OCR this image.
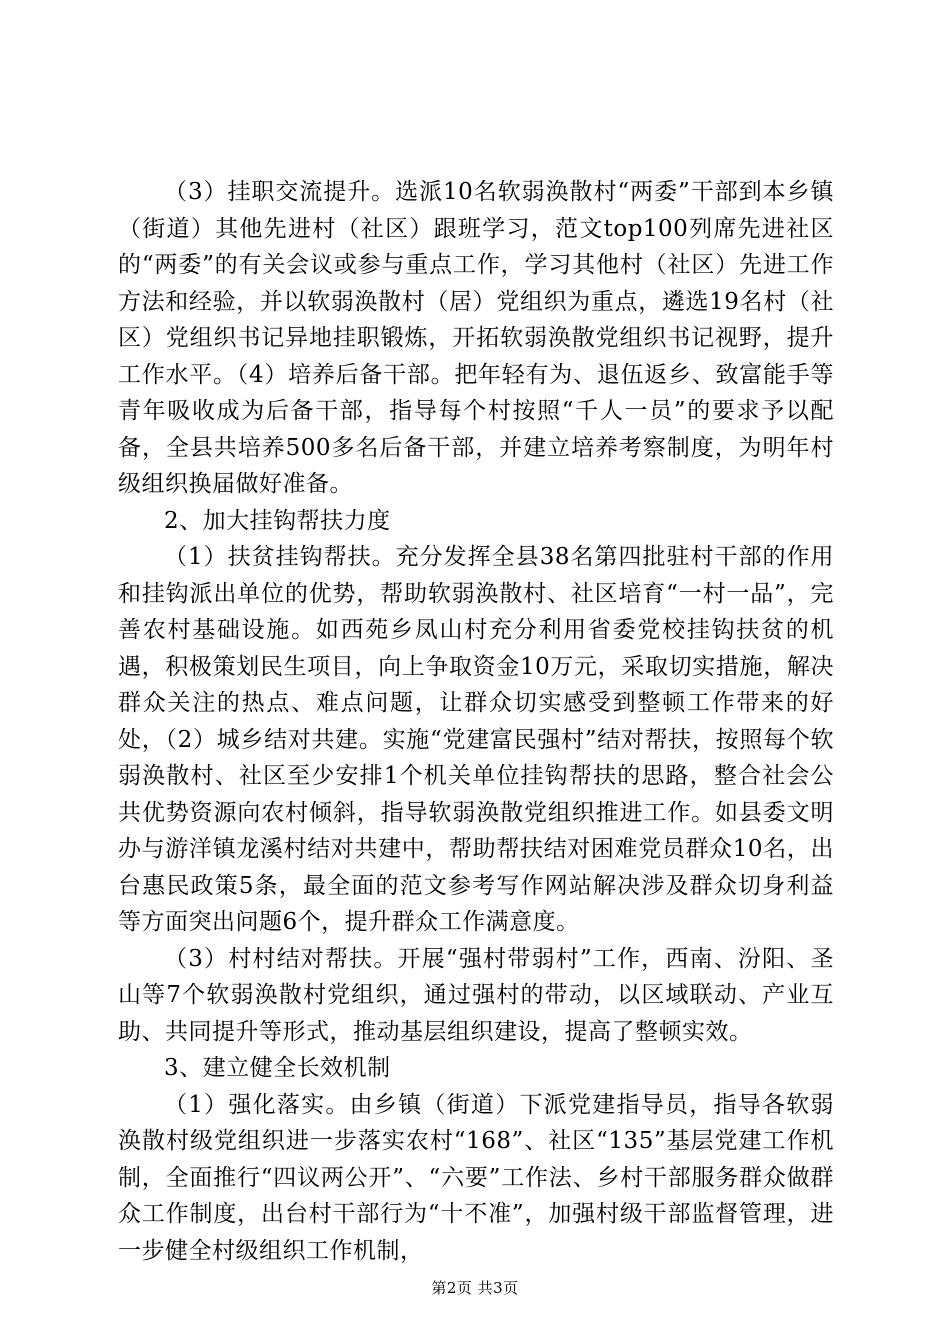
（3）挂职交流提升。选派10名软弱涣散村“两委”干部到本乡镇（街道）其他先进村（社区）跟班学习，范文top100列席先进社区的“两委”的有关会议或参与重点工作，学习其他村（社区）先进工作方法和经验，并以软弱涣散村（居）党组织为重点，遴选19名村（社区）党组织书记异地挂职锻炼，开拓软弱涣散党组织书记视野，提升工作水平。（4）培养后备干部。把年轻有为、退伍返乡、致富能手等青年吸收成为后备干部，指导每个村按照“千人一员”的要求予以配备，全县共培养500多名后备干部，并建立培养考察制度，为明年村级组织换届做好准备。

2、加大挂钩帮扶力度

（1）扶贫挂钩帮扶。充分发挥全县38名第四批驻村干部的作用和挂钩派出单位的优势，帮助软弱涣散村、社区培育“一村一品”，完善农村基础设施。如西苑乡凤山村充分利用省委党校挂钩扶贫的机遇，积极策划民生项目，向上争取资金10万元，采取切实措施，解决群众关注的热点、难点问题，让群众切实感受到整顿工作带来的好处，（2）城乡结对共建。实施“党建富民强村”结对帮扶，按照每个软弱涣散村、社区至少安排1个机关单位挂钩帮扶的思路，整合社会公共优势资源向农村倾斜，指导软弱涣散党组织推进工作。如县委文明办与游洋镇龙溪村结对共建中，帮助帮扶结对困难党员群众10名，出台惠民政策5条，最全面的范文参考写作网站解决涉及群众切身利益等方面突出问题6个，提升群众工作满意度。

（3）村村结对帮扶。开展“强村带弱村”工作，西南、汾阳、圣山等7个软弱涣散村党组织，通过强村的带动，以区域联动、产业互助、共同提升等形式，推动基层组织建设，提高了整顿实效。

3、建立健全长效机制

（1）强化落实。由乡镇（街道）下派党建指导员，指导各软弱涣散村级党组织进一步落实农村“168”、社区“135”基层党建工作机制，全面推行“四议两公开”、“六要”工作法、乡村干部服务群众做群众工作制度，出台村干部行为“十不准”，加强村级干部监督管理，进一步健全村级组织工作机制，

第2页 共3页
